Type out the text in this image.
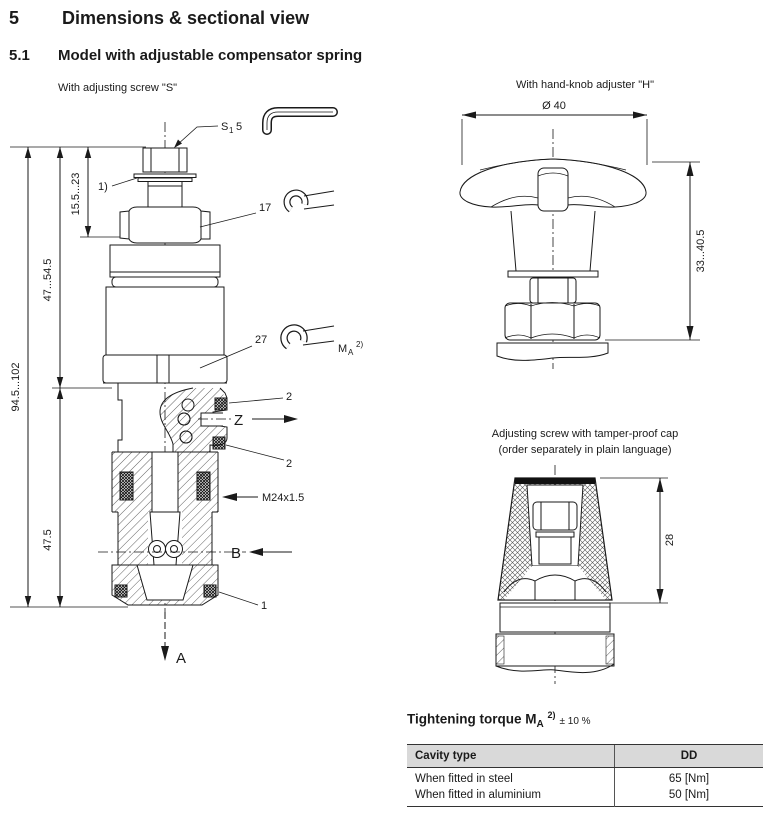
5	Dimensions & sectional view
5.1	Model with adjustable compensator spring
With adjusting screw "S"	With hand-knob adjuster "H"
Adjusting screw with tamper-proof cap
(order separately in plain language)
94.5...102
47...54.5
47.5
15.5...23
Z
B
A
S 1 5
1)
17
27
M A
2)
2
2
M24x1.5
1
Ø 40
33...40.5
28
Tightening torque $M_A$ $^{2)}$± 10 %
Cavity type	DD
When fitted in steel	65 [Nm]
When fitted in aluminium	50 [Nm]
